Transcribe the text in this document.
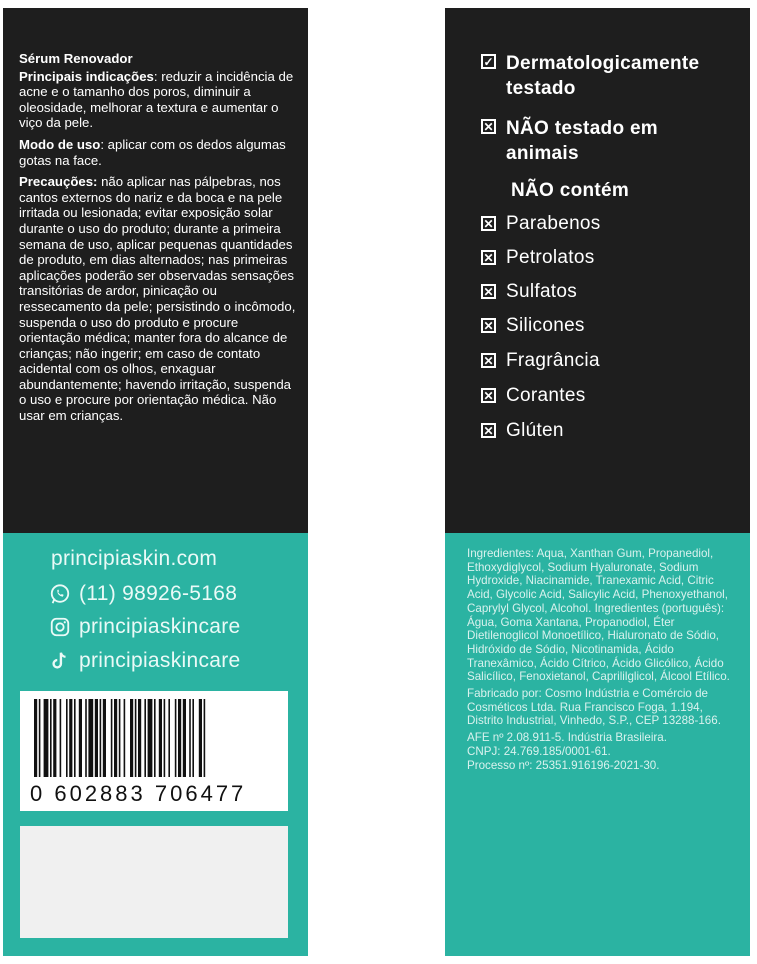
Sérum Renovador

Principais indicações: reduzir a incidência de acne e o tamanho dos poros, diminuir a oleosidade, melhorar a textura e aumentar o viço da pele.

Modo de uso: aplicar com os dedos algumas gotas na face.

Precauções: não aplicar nas pálpebras, nos cantos externos do nariz e da boca e na pele irritada ou lesionada; evitar exposição solar durante o uso do produto; durante a primeira semana de uso, aplicar pequenas quantidades de produto, em dias alternados; nas primeiras aplicações poderão ser observadas sensações transitórias de ardor, pinicação ou ressecamento da pele; persistindo o incômodo, suspenda o uso do produto e procure orientação médica; manter fora do alcance de crianças; não ingerir; em caso de contato acidental com os olhos, enxaguar abundantemente; havendo irritação, suspenda o uso e procure por orientação médica. Não usar em crianças.

principiaskin.com
(11) 98926-5168
principiaskincare
principiaskincare
0 602883 706477
✓ Dermatologicamente testado
✕ NÃO testado em animais
NÃO contém
✕ Parabenos
✕ Petrolatos
✕ Sulfatos
✕ Silicones
✕ Fragrância
✕ Corantes
✕ Glúten

Ingredientes: Aqua, Xanthan Gum, Propanediol, Ethoxydiglycol, Sodium Hyaluronate, Sodium Hydroxide, Niacinamide, Tranexamic Acid, Citric Acid, Glycolic Acid, Salicylic Acid, Phenoxyethanol, Caprylyl Glycol, Alcohol. Ingredientes (português): Água, Goma Xantana, Propanodiol, Éter Dietilenoglicol Monoetílico, Hialuronato de Sódio, Hidróxido de Sódio, Nicotinamida, Ácido Tranexâmico, Ácido Cítrico, Ácido Glicólico, Ácido Salicílico, Fenoxietanol, Caprililglicol, Álcool Etílico.

Fabricado por: Cosmo Indústria e Comércio de Cosméticos Ltda. Rua Francisco Foga, 1.194, Distrito Industrial, Vinhedo, S.P., CEP 13288-166.

AFE nº 2.08.911-5. Indústria Brasileira.
CNPJ: 24.769.185/0001-61.
Processo nº: 25351.916196-2021-30.
